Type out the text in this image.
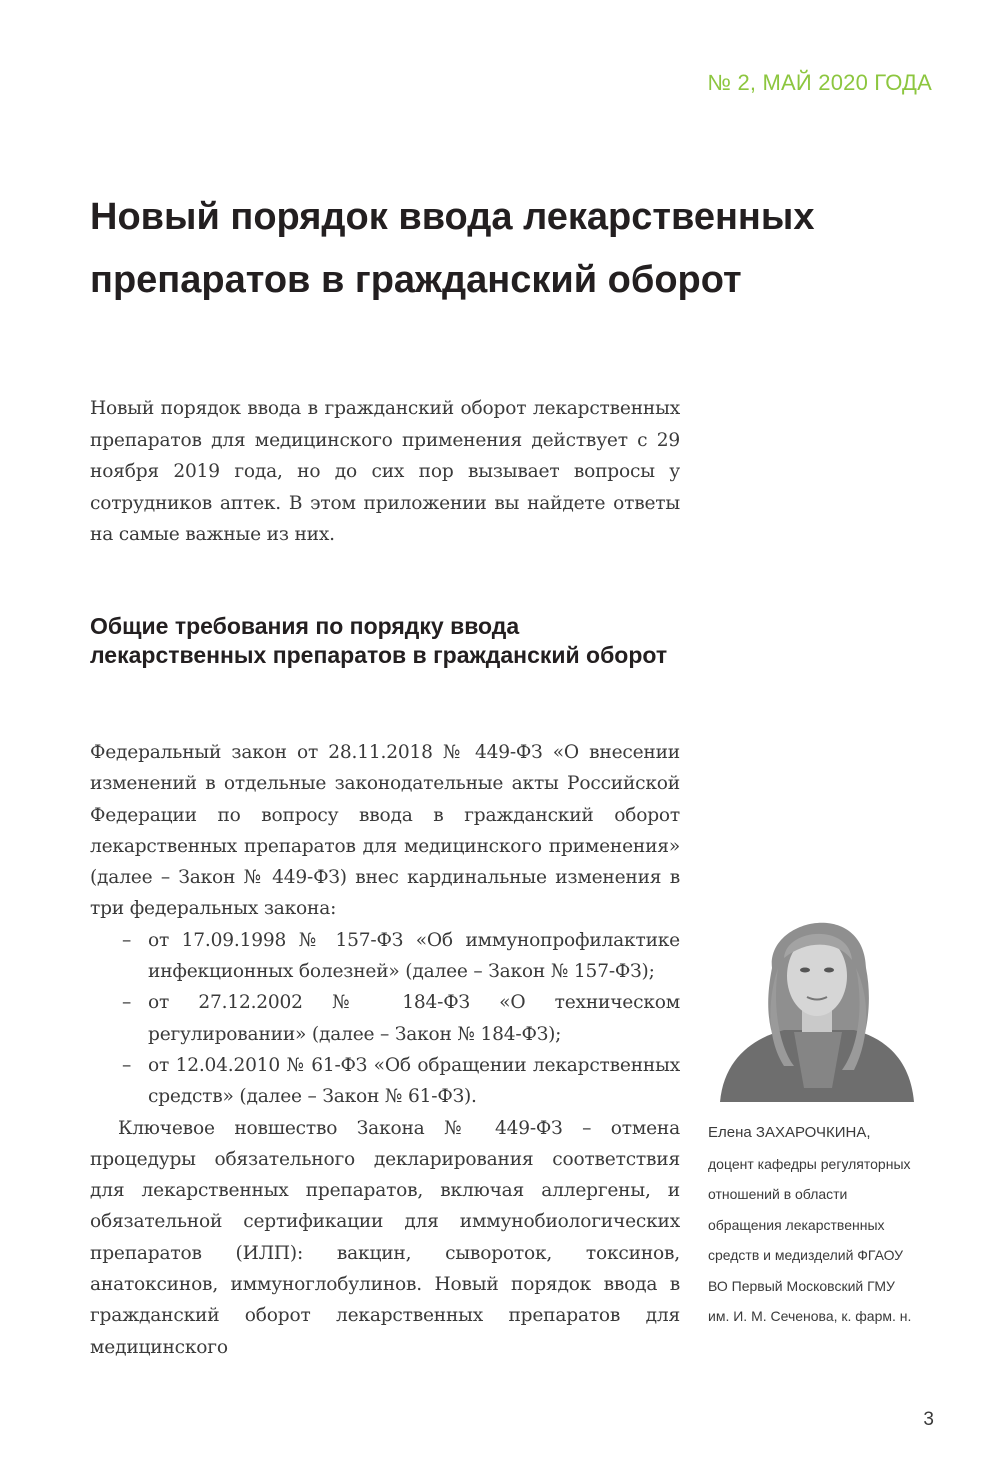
№ 2, МАЙ 2020 ГОДА
Новый порядок ввода лекарственных препаратов в гражданский оборот

Новый порядок ввода в гражданский оборот лекарственных препаратов для медицинского применения действует с 29 ноября 2019 года, но до сих пор вызывает вопросы у сотрудников аптек. В этом приложении вы найдете ответы на самые важные из них.

Общие требования по порядку ввода лекарственных препаратов в гражданский оборот

Федеральный закон от 28.11.2018 № 449-ФЗ «О внесении изменений в отдельные законодательные акты Российской Федерации по вопросу ввода в гражданский оборот лекарственных препаратов для медицинского применения» (далее – Закон № 449-ФЗ) внес кардинальные изменения в три федеральных закона:

– от 17.09.1998 № 157-ФЗ «Об иммунопрофилактике инфекционных болезней» (далее – Закон № 157-ФЗ);
– от 27.12.2002 № 184-ФЗ «О техническом регулировании» (далее – Закон № 184-ФЗ);
– от 12.04.2010 № 61-ФЗ «Об обращении лекарственных средств» (далее – Закон № 61-ФЗ).

Ключевое новшество Закона № 449-ФЗ – отмена процедуры обязательного декларирования соответствия для лекарственных препаратов, включая аллергены, и обязательной сертификации для иммунобиологических препаратов (ИЛП): вакцин, сывороток, токсинов, анатоксинов, иммуноглобулинов. Новый порядок ввода в гражданский оборот лекарственных препаратов для медицинского

Елена ЗАХАРОЧКИНА,
доцент кафедры регуляторных
отношений в области
обращения лекарственных
средств и медизделий ФГАОУ
ВО Первый Московский ГМУ
им. И. М. Сеченова, к. фарм. н.
3
